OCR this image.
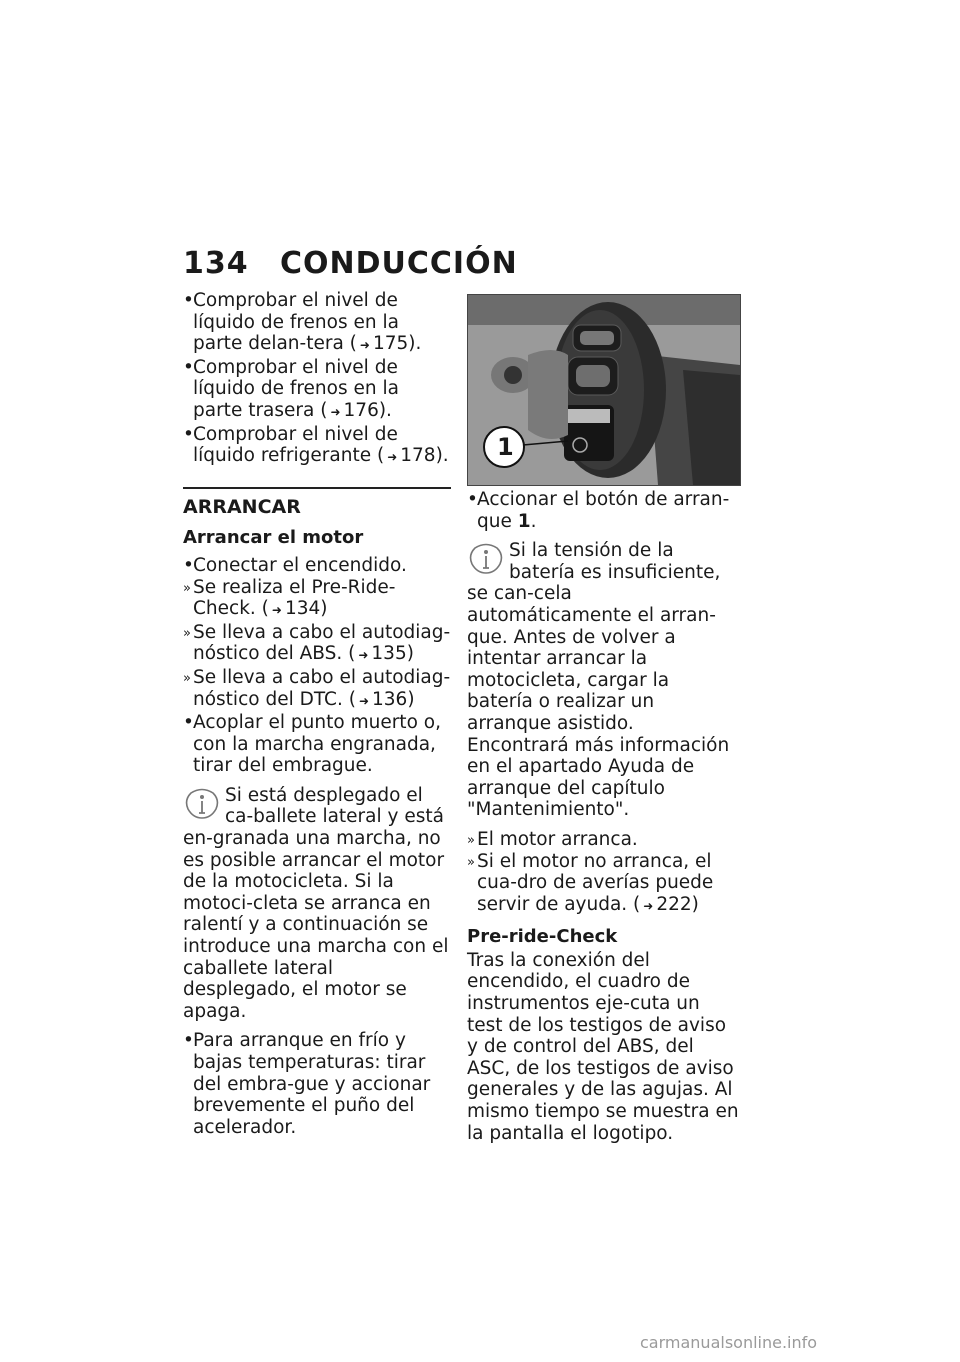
134 CONDUCCIÓN
• Comprobar el nivel de líquido de frenos en la parte delan-tera ( ➜ 175).
• Comprobar el nivel de líquido de frenos en la parte trasera ( ➜ 176).
• Comprobar el nivel de líquido refrigerante ( ➜ 178).
ARRANCAR
Arrancar el motor
• Conectar el encendido.
» Se realiza el Pre-Ride-Check. ( ➜ 134)
» Se lleva a cabo el autodiag-nóstico del ABS. ( ➜ 135)
» Se lleva a cabo el autodiag-nóstico del DTC. ( ➜ 136)
• Acoplar el punto muerto o, con la marcha engranada, tirar del embrague.
Si está desplegado el ca-ballete lateral y está en-granada una marcha, no es posible arrancar el motor de la motocicleta. Si la motoci-cleta se arranca en ralentí y a continuación se introduce una marcha con el caballete lateral desplegado, el motor se apaga.
• Para arranque en frío y bajas temperaturas: tirar del embra-gue y accionar brevemente el puño del acelerador.
1
• Accionar el botón de arran-que 1.
Si la tensión de la batería es insuficiente, se can-cela automáticamente el arran-que. Antes de volver a intentar arrancar la motocicleta, cargar la batería o realizar un arranque asistido.
Encontrará más información en el apartado Ayuda de arranque del capítulo "Mantenimiento".
» El motor arranca.
» Si el motor no arranca, el cua-dro de averías puede servir de ayuda. ( ➜ 222)
Pre-ride-Check
Tras la conexión del encendido, el cuadro de instrumentos eje-cuta un test de los testigos de aviso y de control del ABS, del ASC, de los testigos de aviso generales y de las agujas. Al mismo tiempo se muestra en la pantalla el logotipo.
carmanualsonline.info
